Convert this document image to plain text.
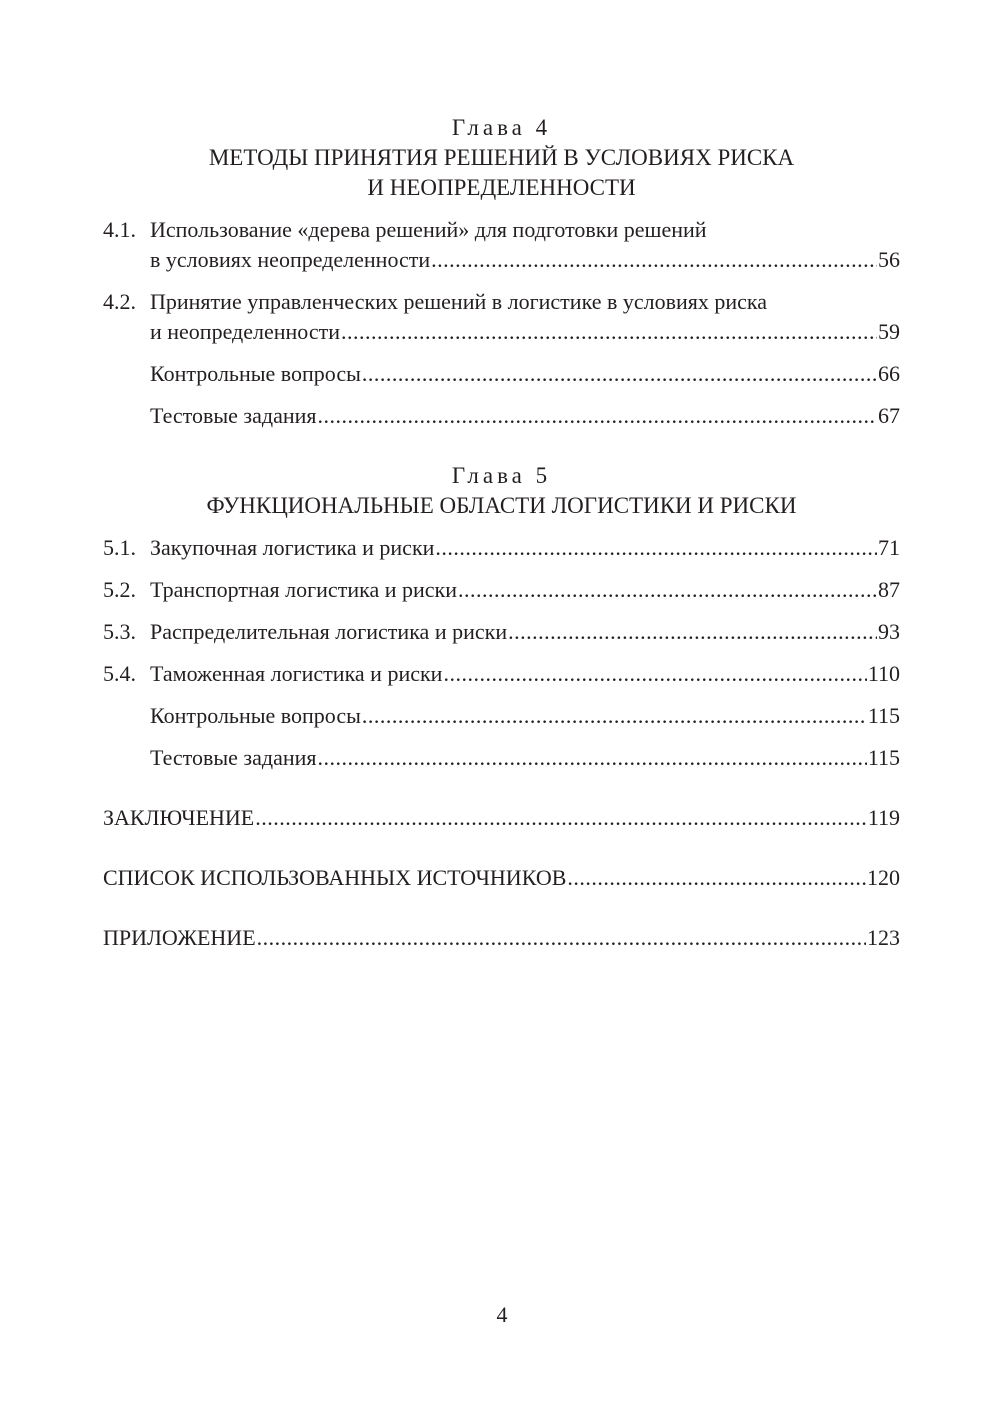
Глава 4
МЕТОДЫ ПРИНЯТИЯ РЕШЕНИЙ В УСЛОВИЯХ РИСКА
И НЕОПРЕДЕЛЕННОСТИ
4.1. Использование «дерева решений» для подготовки решений
в условиях неопределенности .....	56
4.2. Принятие управленческих решений в логистике в условиях риска
и неопределенности .....	59
Контрольные вопросы .....	66
Тестовые задания .....	67
Глава 5
ФУНКЦИОНАЛЬНЫЕ ОБЛАСТИ ЛОГИСТИКИ И РИСКИ
5.1. Закупочная логистика и риски .....	71
5.2. Транспортная логистика и риски .....	87
5.3. Распределительная логистика и риски .....	93
5.4. Таможенная логистика и риски .....	110
Контрольные вопросы .....	115
Тестовые задания .....	115
ЗАКЛЮЧЕНИЕ .....	119
СПИСОК ИСПОЛЬЗОВАННЫХ ИСТОЧНИКОВ .....	120
ПРИЛОЖЕНИЕ .....	123
4
